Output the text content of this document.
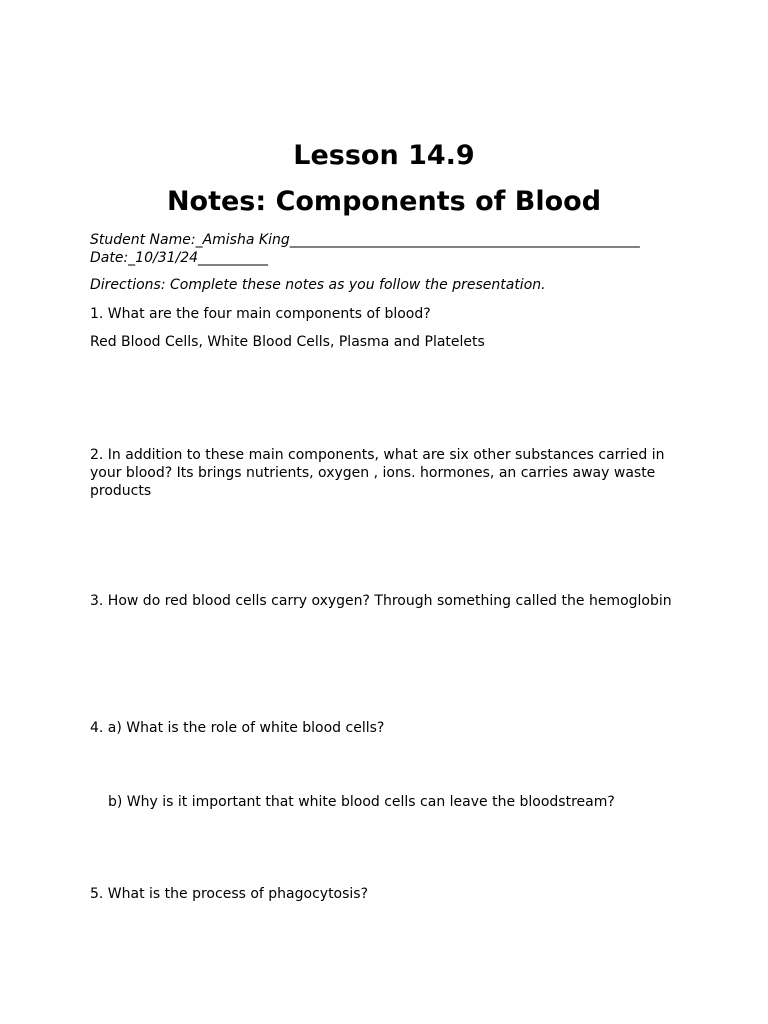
Lesson 14.9
Notes: Components of Blood
Student Name:_Amisha King__________________________________________________
Date:_10/31/24__________
Directions: Complete these notes as you follow the presentation.
1. What are the four main components of blood?
Red Blood Cells, White Blood Cells, Plasma and Platelets
2. In addition to these main components, what are six other substances carried in your blood? Its brings nutrients, oxygen , ions. hormones, an carries away waste products
3. How do red blood cells carry oxygen? Through something called the hemoglobin
4. a) What is the role of white blood cells?
b) Why is it important that white blood cells can leave the bloodstream?
5. What is the process of phagocytosis?
